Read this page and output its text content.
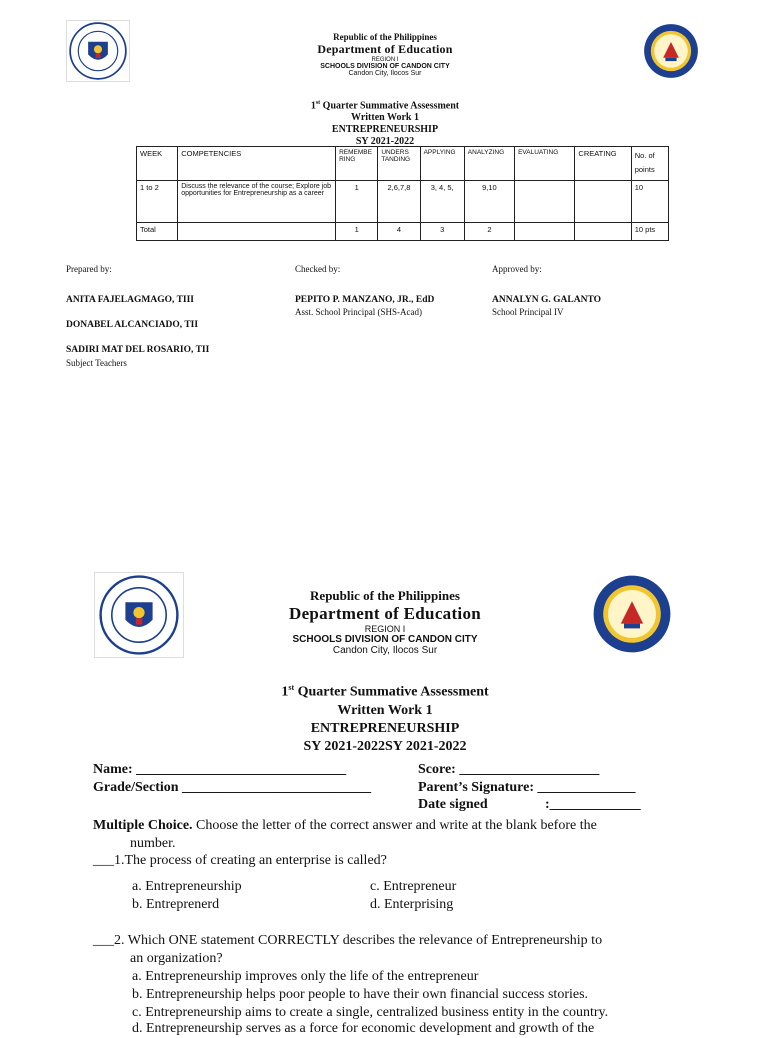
Republic of the Philippines
Department of Education
REGION I
SCHOOLS DIVISION OF CANDON CITY
Candon City, Ilocos Sur
1st Quarter Summative Assessment
Written Work 1
ENTREPRENEURSHIP
SY 2021-2022
WEEK	COMPETENCIES	REMEMBE RING	UNDERS TANDING	APPLYING	ANALYZING	EVALUATING	CREATING	No. of points
1 to 2	Discuss the relevance of the course; Explore job opportunities for Entrepreneurship as a career	1	2,6,7,8	3, 4, 5,	9,10			10
Total		1	4	3	2			10 pts
Prepared by:	Checked by:	Approved by:
ANITA FAJELAGMAGO, TIII
DONABEL ALCANCIADO, TII
SADIRI MAT DEL ROSARIO, TII
Subject Teachers
PEPITO P. MANZANO, JR., EdD
Asst. School Principal (SHS-Acad)
ANNALYN G. GALANTO
School Principal IV
Republic of the Philippines
Department of Education
REGION I
SCHOOLS DIVISION OF CANDON CITY
Candon City, Ilocos Sur
1st Quarter Summative Assessment
Written Work 1
ENTREPRENEURSHIP
SY 2021-2022SY 2021-2022
Name: ______________________________	Score: ____________________
Grade/Section ___________________________	Parent’s Signature: ______________
Date signed	:_____________
Multiple Choice. Choose the letter of the correct answer and write at the blank before the
number.
___1.The process of creating an enterprise is called?
a. Entrepreneurship	c. Entrepreneur
b. Entreprenerd	d. Enterprising
___2. Which ONE statement CORRECTLY describes the relevance of Entrepreneurship to
an organization?
a. Entrepreneurship improves only the life of the entrepreneur
b. Entrepreneurship helps poor people to have their own financial success stories.
c. Entrepreneurship aims to create a single, centralized business entity in the country.
d. Entrepreneurship serves as a force for economic development and growth of the
